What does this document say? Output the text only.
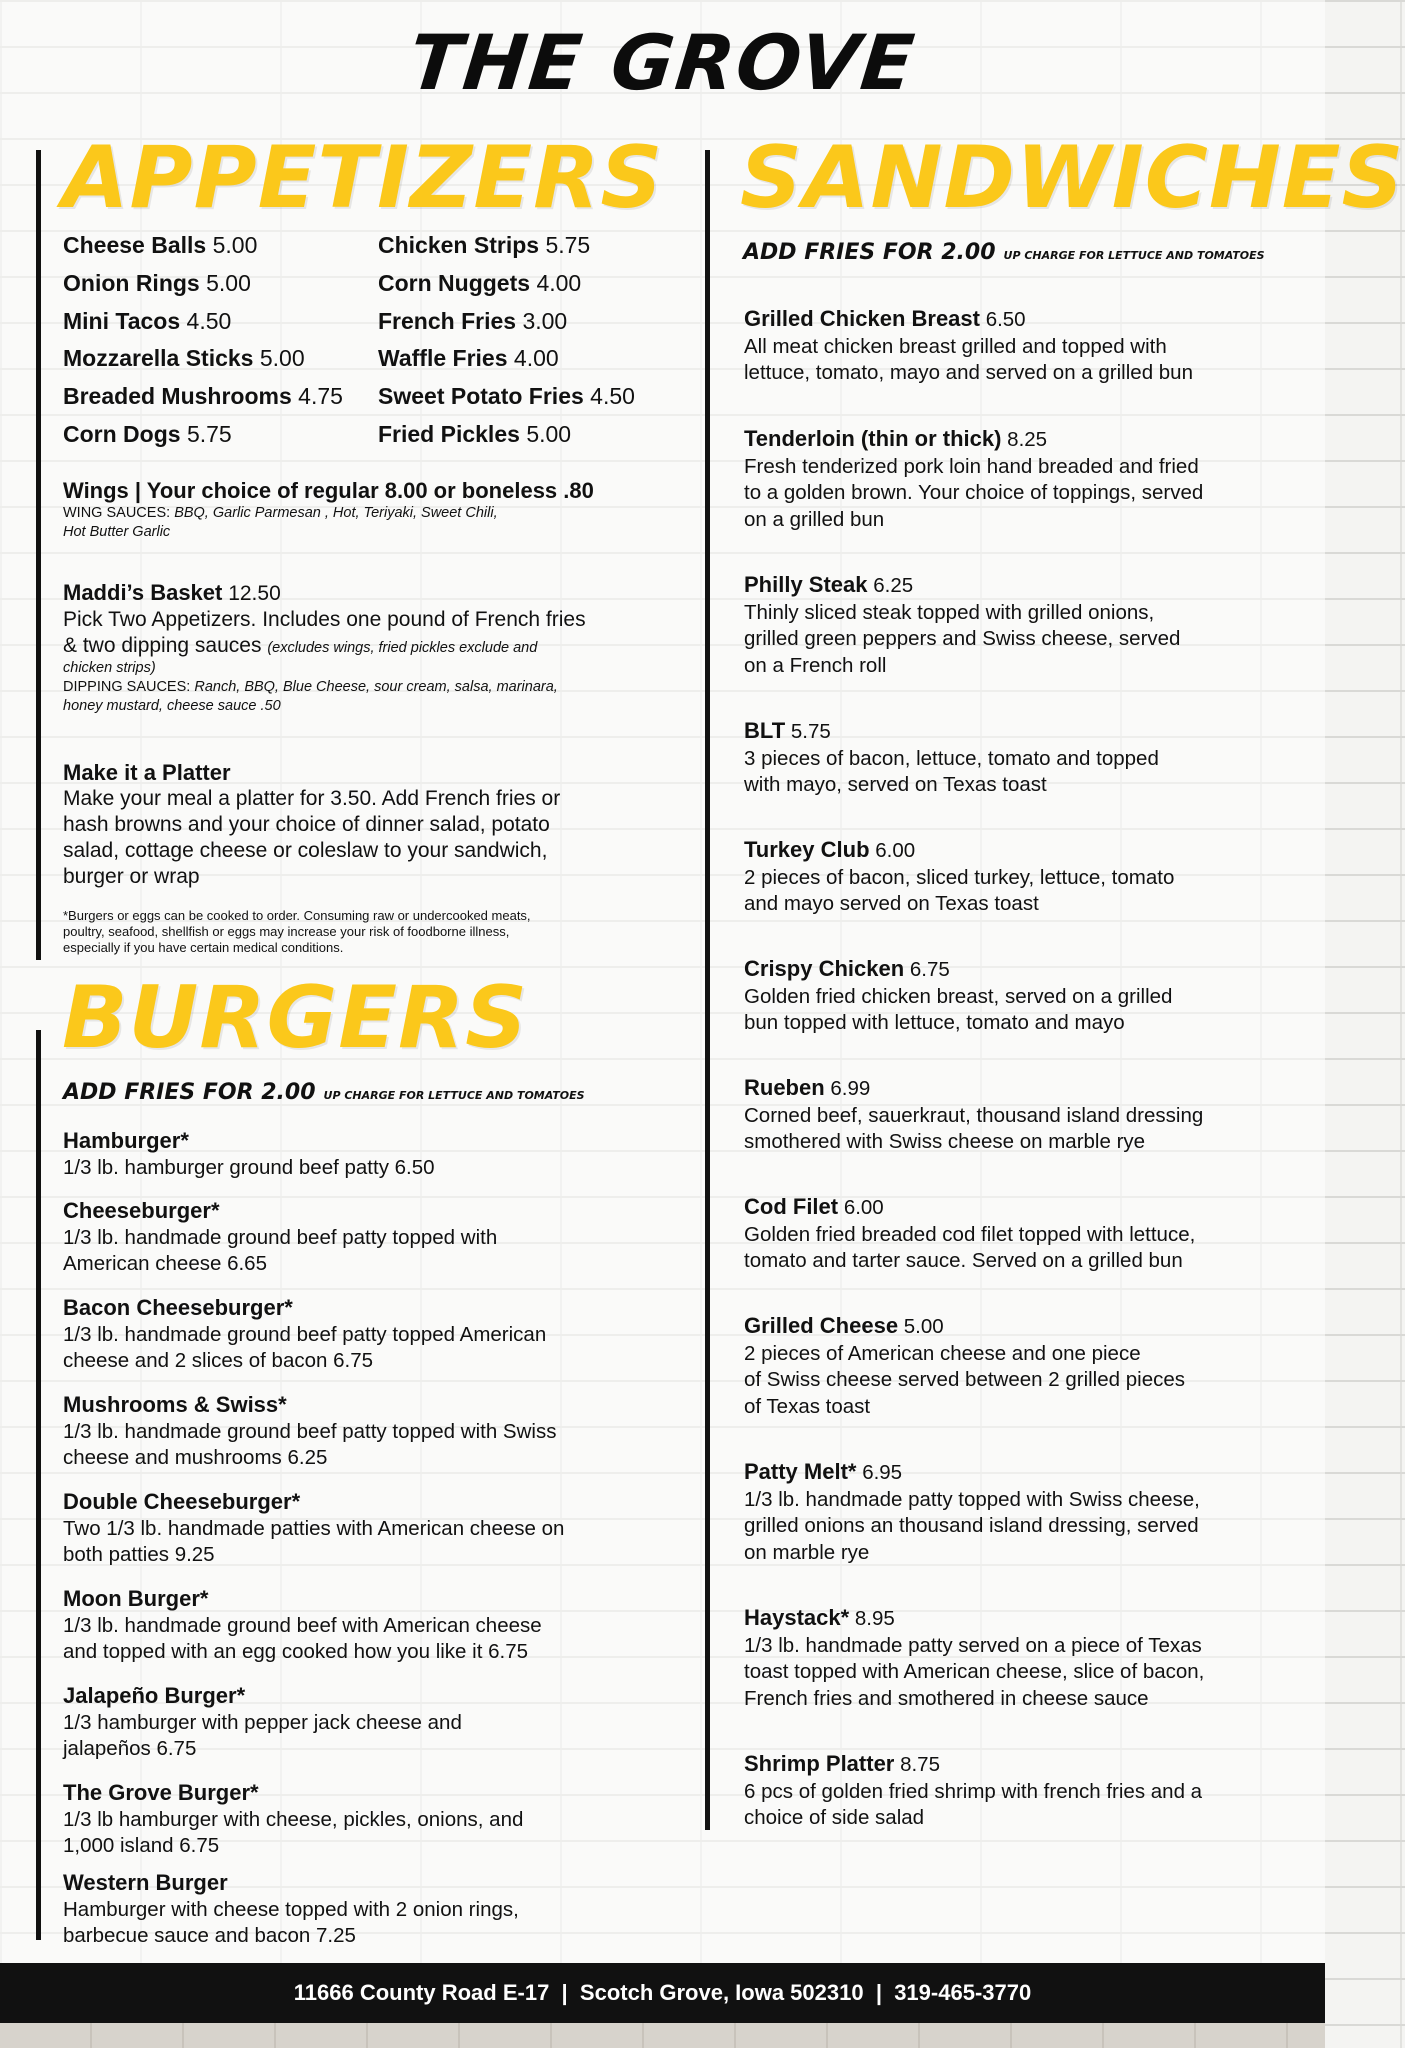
THE GROVE
APPETIZERS
Cheese Balls 5.00	Chicken Strips 5.75
Onion Rings 5.00	Corn Nuggets 4.00
Mini Tacos 4.50	French Fries 3.00
Mozzarella Sticks 5.00	Waffle Fries 4.00
Breaded Mushrooms 4.75	Sweet Potato Fries 4.50
Corn Dogs 5.75	Fried Pickles 5.00
Wings | Your choice of regular 8.00 or boneless .80
WING SAUCES: BBQ, Garlic Parmesan , Hot, Teriyaki, Sweet Chili,
Hot Butter Garlic
Maddi’s Basket 12.50
Pick Two Appetizers. Includes one pound of French fries
& two dipping sauces (excludes wings, fried pickles exclude and
chicken strips)
DIPPING SAUCES: Ranch, BBQ, Blue Cheese, sour cream, salsa, marinara,
honey mustard, cheese sauce .50
Make it a Platter
Make your meal a platter for 3.50. Add French fries or
hash browns and your choice of dinner salad, potato
salad, cottage cheese or coleslaw to your sandwich,
burger or wrap
*Burgers or eggs can be cooked to order. Consuming raw or undercooked meats,
poultry, seafood, shellfish or eggs may increase your risk of foodborne illness,
especially if you have certain medical conditions.
BURGERS
ADD FRIES FOR 2.00 UP CHARGE FOR LETTUCE AND TOMATOES
Hamburger*
1/3 lb. hamburger ground beef patty 6.50
Cheeseburger*
1/3 lb. handmade ground beef patty topped with
American cheese 6.65
Bacon Cheeseburger*
1/3 lb. handmade ground beef patty topped American
cheese and 2 slices of bacon 6.75
Mushrooms & Swiss*
1/3 lb. handmade ground beef patty topped with Swiss
cheese and mushrooms 6.25
Double Cheeseburger*
Two 1/3 lb. handmade patties with American cheese on
both patties 9.25
Moon Burger*
1/3 lb. handmade ground beef with American cheese
and topped with an egg cooked how you like it 6.75
Jalapeño Burger*
1/3 hamburger with pepper jack cheese and
jalapeños 6.75
The Grove Burger*
1/3 lb hamburger with cheese, pickles, onions, and
1,000 island 6.75
Western Burger
Hamburger with cheese topped with 2 onion rings,
barbecue sauce and bacon 7.25
SANDWICHES
ADD FRIES FOR 2.00 UP CHARGE FOR LETTUCE AND TOMATOES
Grilled Chicken Breast 6.50
All meat chicken breast grilled and topped with
lettuce, tomato, mayo and served on a grilled bun
Tenderloin (thin or thick) 8.25
Fresh tenderized pork loin hand breaded and fried
to a golden brown. Your choice of toppings, served
on a grilled bun
Philly Steak 6.25
Thinly sliced steak topped with grilled onions,
grilled green peppers and Swiss cheese, served
on a French roll
BLT 5.75
3 pieces of bacon, lettuce, tomato and topped
with mayo, served on Texas toast
Turkey Club 6.00
2 pieces of bacon, sliced turkey, lettuce, tomato
and mayo served on Texas toast
Crispy Chicken 6.75
Golden fried chicken breast, served on a grilled
bun topped with lettuce, tomato and mayo
Rueben 6.99
Corned beef, sauerkraut, thousand island dressing
smothered with Swiss cheese on marble rye
Cod Filet 6.00
Golden fried breaded cod filet topped with lettuce,
tomato and tarter sauce. Served on a grilled bun
Grilled Cheese 5.00
2 pieces of American cheese and one piece
of Swiss cheese served between 2 grilled pieces
of Texas toast
Patty Melt* 6.95
1/3 lb. handmade patty topped with Swiss cheese,
grilled onions an thousand island dressing, served
on marble rye
Haystack* 8.95
1/3 lb. handmade patty served on a piece of Texas
toast topped with American cheese, slice of bacon,
French fries and smothered in cheese sauce
Shrimp Platter 8.75
6 pcs of golden fried shrimp with french fries and a
choice of side salad
11666 County Road E-17  |  Scotch Grove, Iowa 502310  |  319-465-3770
